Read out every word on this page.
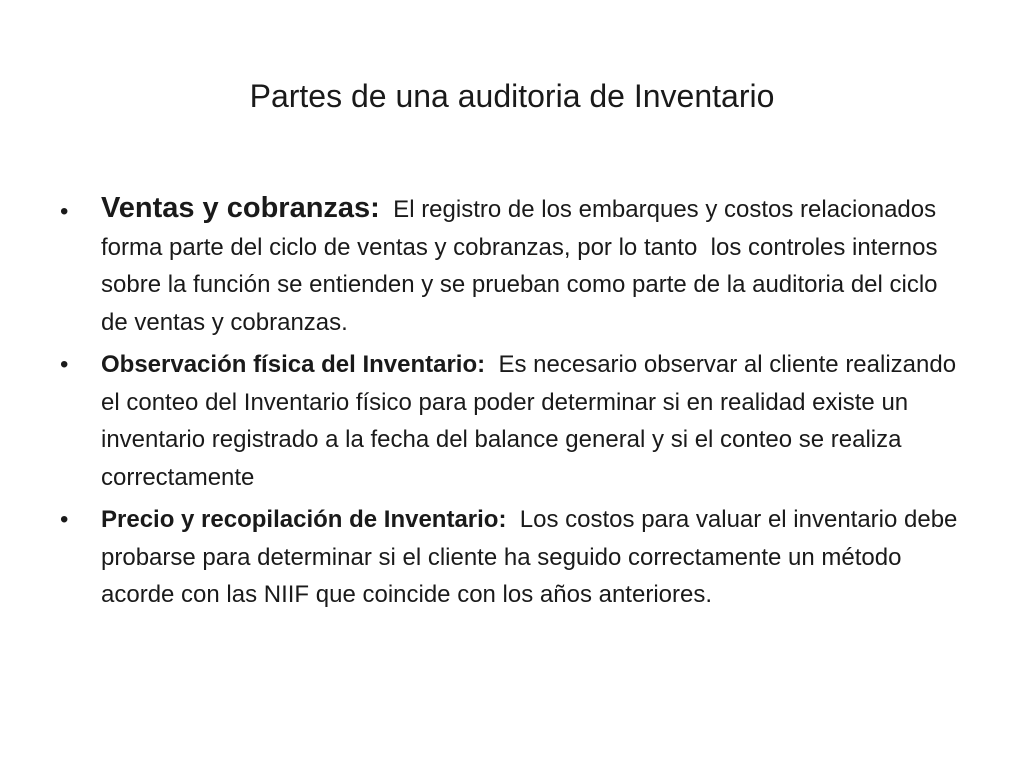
Partes de una auditoria de Inventario
•	Ventas y cobranzas:  El registro de los embarques y costos relacionados forma parte del ciclo de ventas y cobranzas, por lo tanto  los controles internos sobre la función se entienden y se prueban como parte de la auditoria del ciclo de ventas y cobranzas.
•	Observación física del Inventario:  Es necesario observar al cliente realizando el conteo del Inventario físico para poder determinar si en realidad existe un inventario registrado a la fecha del balance general y si el conteo se realiza correctamente
•	Precio y recopilación de Inventario:  Los costos para valuar el inventario debe probarse para determinar si el cliente ha seguido correctamente un método acorde con las NIIF que coincide con los años anteriores.
